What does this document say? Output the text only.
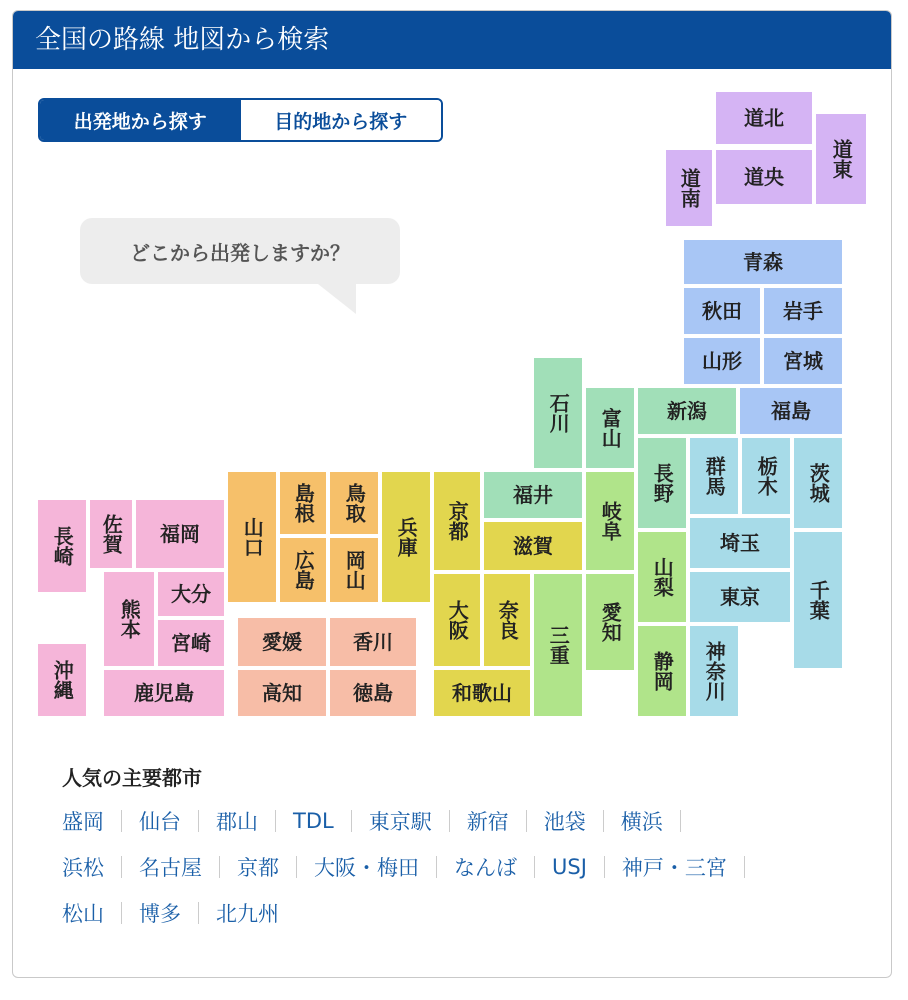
全国の路線 地図から検索
出発地から探す	目的地から探す
どこから出発しますか？
道北
道央	道東
道南
青森
秋田	岩手
山形	宮城
福島
石川	富山	新潟
長野
福井
岐阜
山梨
愛知
静岡
群馬	栃木	茨城
埼玉
東京	千葉
神奈川
京都
兵庫	滋賀
大阪	奈良
三重
和歌山
鳥取
島根
山口
広島	岡山
愛媛	香川
高知	徳島
長崎	佐賀	福岡
熊本
大分
宮崎
沖縄	鹿児島
人気の主要都市
盛岡 仙台 郡山 TDL 東京駅 新宿 池袋 横浜
浜松 名古屋 京都 大阪・梅田 なんば USJ 神戸・三宮
松山 博多 北九州
